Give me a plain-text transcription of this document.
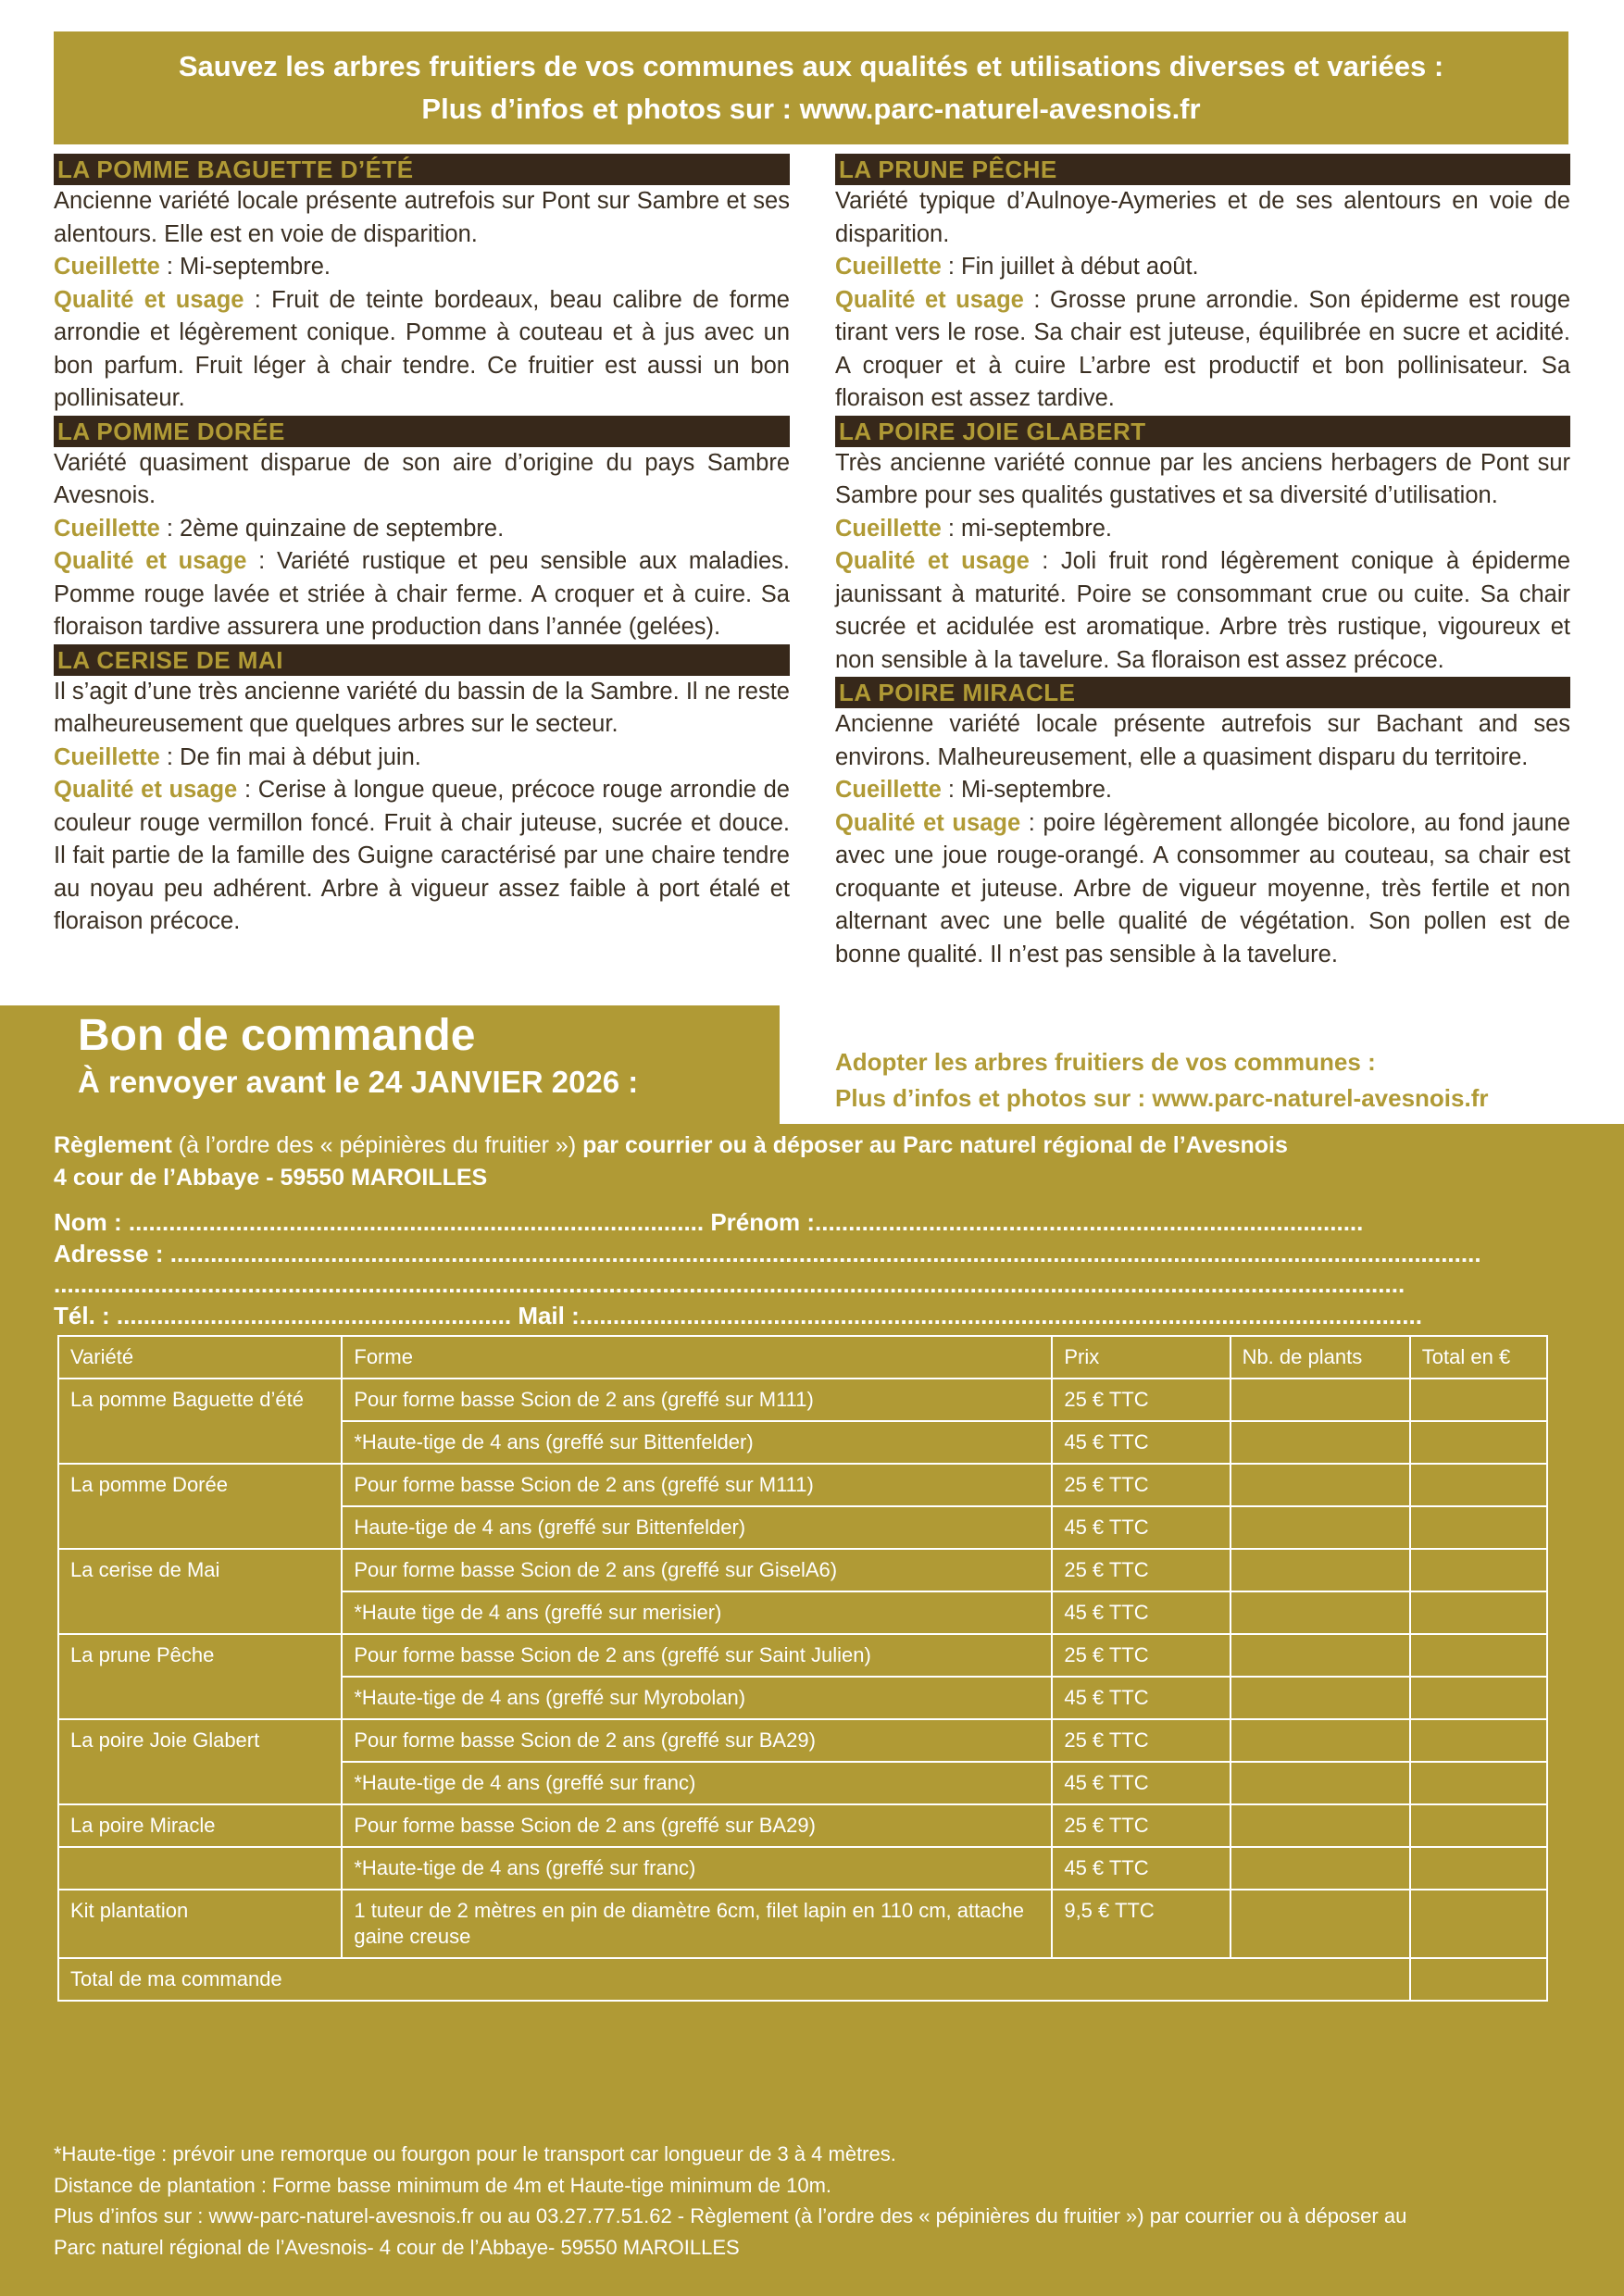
Sauvez les arbres fruitiers de vos communes aux qualités et utilisations diverses et variées :
Plus d’infos et photos sur : www.parc-naturel-avesnois.fr
LA POMME BAGUETTE D’ÉTÉ

Ancienne variété locale présente autrefois sur Pont sur Sambre et ses alentours. Elle est en voie de disparition.

Cueillette : Mi-septembre.

Qualité et usage : Fruit de teinte bordeaux, beau calibre de forme arrondie et légèrement conique. Pomme à couteau et à jus avec un bon parfum. Fruit léger à chair tendre. Ce fruitier est aussi un bon pollinisateur.

LA POMME DORÉE

Variété quasiment disparue de son aire d’origine du pays Sambre Avesnois.

Cueillette : 2ème quinzaine de septembre.

Qualité et usage : Variété rustique et peu sensible aux maladies. Pomme rouge lavée et striée à chair ferme. A croquer et à cuire. Sa floraison tardive assurera une production dans l’année (gelées).

LA CERISE DE MAI

Il s’agit d’une très ancienne variété du bassin de la Sambre. Il ne reste malheureusement que quelques arbres sur le secteur.

Cueillette : De fin mai à début juin.

Qualité et usage : Cerise à longue queue, précoce rouge arrondie de couleur rouge vermillon foncé. Fruit à chair juteuse, sucrée et douce. Il fait partie de la famille des Guigne caractérisé par une chaire tendre au noyau peu adhérent. Arbre à vigueur assez faible à port étalé et floraison précoce.

LA PRUNE PÊCHE

Variété typique d’Aulnoye-Aymeries et de ses alentours en voie de disparition.

Cueillette : Fin juillet à début août.

Qualité et usage : Grosse prune arrondie. Son épiderme est rouge tirant vers le rose. Sa chair est juteuse, équilibrée en sucre et acidité. A croquer et à cuire L’arbre est productif et bon pollinisateur. Sa floraison est assez tardive.

LA POIRE JOIE GLABERT

Très ancienne variété connue par les anciens herbagers de Pont sur Sambre pour ses qualités gustatives et sa diversité d’utilisation.

Cueillette : mi-septembre.

Qualité et usage : Joli fruit rond légèrement conique à épiderme jaunissant à maturité. Poire se consommant crue ou cuite. Sa chair sucrée et acidulée est aromatique. Arbre très rustique, vigoureux et non sensible à la tavelure. Sa floraison est assez précoce.

LA POIRE MIRACLE

Ancienne variété locale présente autrefois sur Bachant and ses environs. Malheureusement, elle a quasiment disparu du territoire.

Cueillette : Mi-septembre.

Qualité et usage : poire légèrement allongée bicolore, au fond jaune avec une joue rouge-orangé. A consommer au couteau, sa chair est croquante et juteuse. Arbre de vigueur moyenne, très fertile et non alternant avec une belle qualité de végétation. Son pollen est de bonne qualité. Il n’est pas sensible à la tavelure.

Bon de commande
À renvoyer avant le 24 JANVIER 2026 :
Adopter les arbres fruitiers de vos communes :
Plus d’infos et photos sur : www.parc-naturel-avesnois.fr
Règlement (à l’ordre des « pépinières du fruitier ») par courrier ou à déposer au Parc naturel régional de l’Avesnois
4 cour de l’Abbaye - 59550 MAROILLES
Nom : ...................................................................................... Prénom :..................................................................................
Adresse : ....................................................................................................................................................................................................
..........................................................................................................................................................................................................
Tél. : ........................................................... Mail :..............................................................................................................................
Variété	Forme	Prix	Nb. de plants	Total en €
La pomme Baguette d’été	Pour forme basse Scion de 2 ans (greffé sur M111)	25 € TTC		
	*Haute-tige de 4 ans (greffé sur Bittenfelder)	45 € TTC		
La pomme Dorée	Pour forme basse Scion de 2 ans (greffé sur M111)	25 € TTC		
	Haute-tige de 4 ans (greffé sur Bittenfelder)	45 € TTC		
La cerise de Mai	Pour forme basse Scion de 2 ans (greffé sur GiselA6)	25 € TTC		
	*Haute tige de 4 ans (greffé sur merisier)	45 € TTC		
La prune Pêche	Pour forme basse Scion de 2 ans (greffé sur Saint Julien)	25 € TTC		
	*Haute-tige de 4 ans (greffé sur Myrobolan)	45 € TTC		
La poire Joie Glabert	Pour forme basse Scion de 2 ans (greffé sur BA29)	25 € TTC		
	*Haute-tige de 4 ans (greffé sur franc)	45 € TTC		
La poire Miracle	Pour forme basse Scion de 2 ans (greffé sur BA29)	25 € TTC		
	*Haute-tige de 4 ans (greffé sur franc)	45 € TTC		
Kit plantation	1 tuteur de 2 mètres en pin de diamètre 6cm, filet lapin en 110 cm, attache gaine creuse	9,5 € TTC		
Total de ma commande				
*Haute-tige : prévoir une remorque ou fourgon pour le transport car longueur de 3 à 4 mètres.
Distance de plantation : Forme basse minimum de 4m et Haute-tige minimum de 10m.
Plus d’infos sur : www-parc-naturel-avesnois.fr ou au 03.27.77.51.62 - Règlement (à l’ordre des « pépinières du fruitier ») par courrier ou à déposer au
Parc naturel régional de l’Avesnois- 4 cour de l’Abbaye- 59550 MAROILLES
